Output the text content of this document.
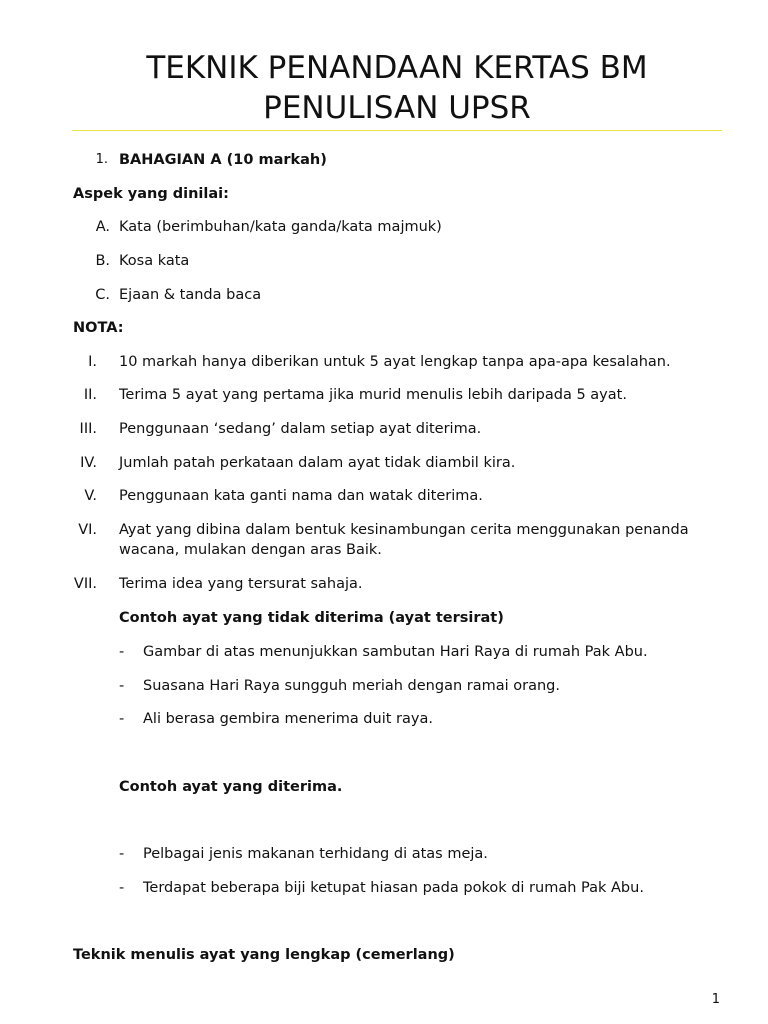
TEKNIK PENANDAAN KERTAS BM
PENULISAN UPSR
1. BAHAGIAN A (10 markah)
Aspek yang dinilai:
A. Kata (berimbuhan/kata ganda/kata majmuk)
B. Kosa kata
C. Ejaan & tanda baca
NOTA:
I. 10 markah hanya diberikan untuk 5 ayat lengkap tanpa apa-apa kesalahan.
II. Terima 5 ayat yang pertama jika murid menulis lebih daripada 5 ayat.
III. Penggunaan ‘sedang’ dalam setiap ayat diterima.
IV. Jumlah patah perkataan dalam ayat tidak diambil kira.
V. Penggunaan kata ganti nama dan watak diterima.
VI. Ayat yang dibina dalam bentuk kesinambungan cerita menggunakan penanda
wacana, mulakan dengan aras Baik.
VII. Terima idea yang tersurat sahaja.
Contoh ayat yang tidak diterima (ayat tersirat)
- Gambar di atas menunjukkan sambutan Hari Raya di rumah Pak Abu.
- Suasana Hari Raya sungguh meriah dengan ramai orang.
- Ali berasa gembira menerima duit raya.
Contoh ayat yang diterima.
- Pelbagai jenis makanan terhidang di atas meja.
- Terdapat beberapa biji ketupat hiasan pada pokok di rumah Pak Abu.
Teknik menulis ayat yang lengkap (cemerlang)
1
